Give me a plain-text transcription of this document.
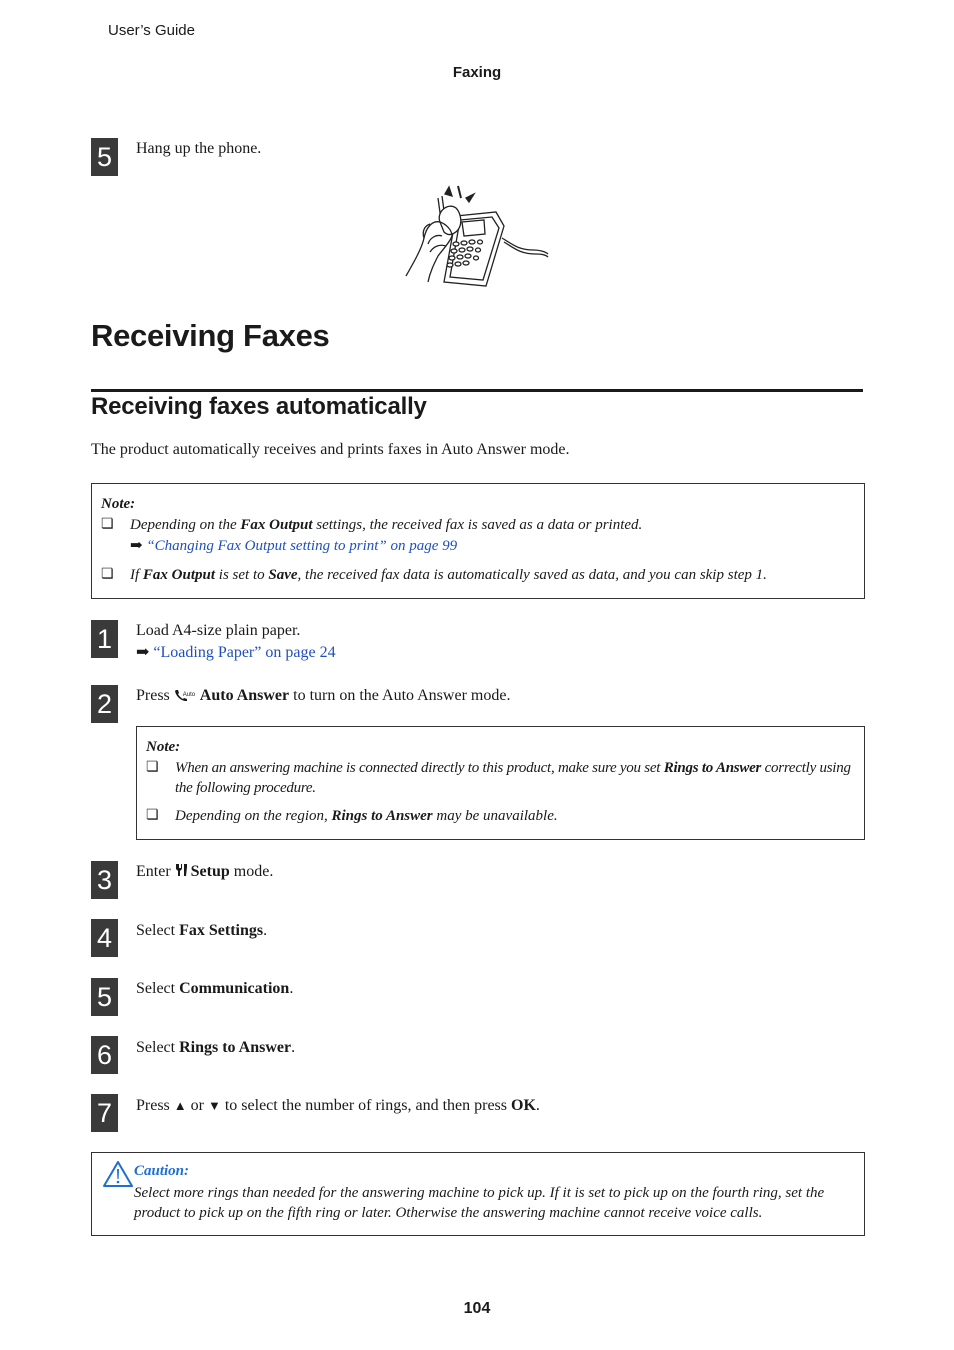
User’s Guide
Faxing
5	Hang up the phone.
Receiving Faxes
Receiving faxes automatically
The product automatically receives and prints faxes in Auto Answer mode.
Note:
❏ Depending on the Fax Output settings, the received fax is saved as a data or printed.
➡ “Changing Fax Output setting to print” on page 99
❏ If Fax Output is set to Save, the received fax data is automatically saved as data, and you can skip step 1.
1	Load A4-size plain paper.
➡ “Loading Paper” on page 24
2	Press Auto Auto Answer to turn on the Auto Answer mode.
Note:
❏ When an answering machine is connected directly to this product, make sure you set Rings to Answer correctly using the following procedure.
❏ Depending on the region, Rings to Answer may be unavailable.
3	Enter Setup mode.
4	Select Fax Settings.
5	Select Communication.
6	Select Rings to Answer.
7	Press ▲ or ▼ to select the number of rings, and then press OK.
Caution:
Select more rings than needed for the answering machine to pick up. If it is set to pick up on the fourth ring, set the product to pick up on the fifth ring or later. Otherwise the answering machine cannot receive voice calls.
104
